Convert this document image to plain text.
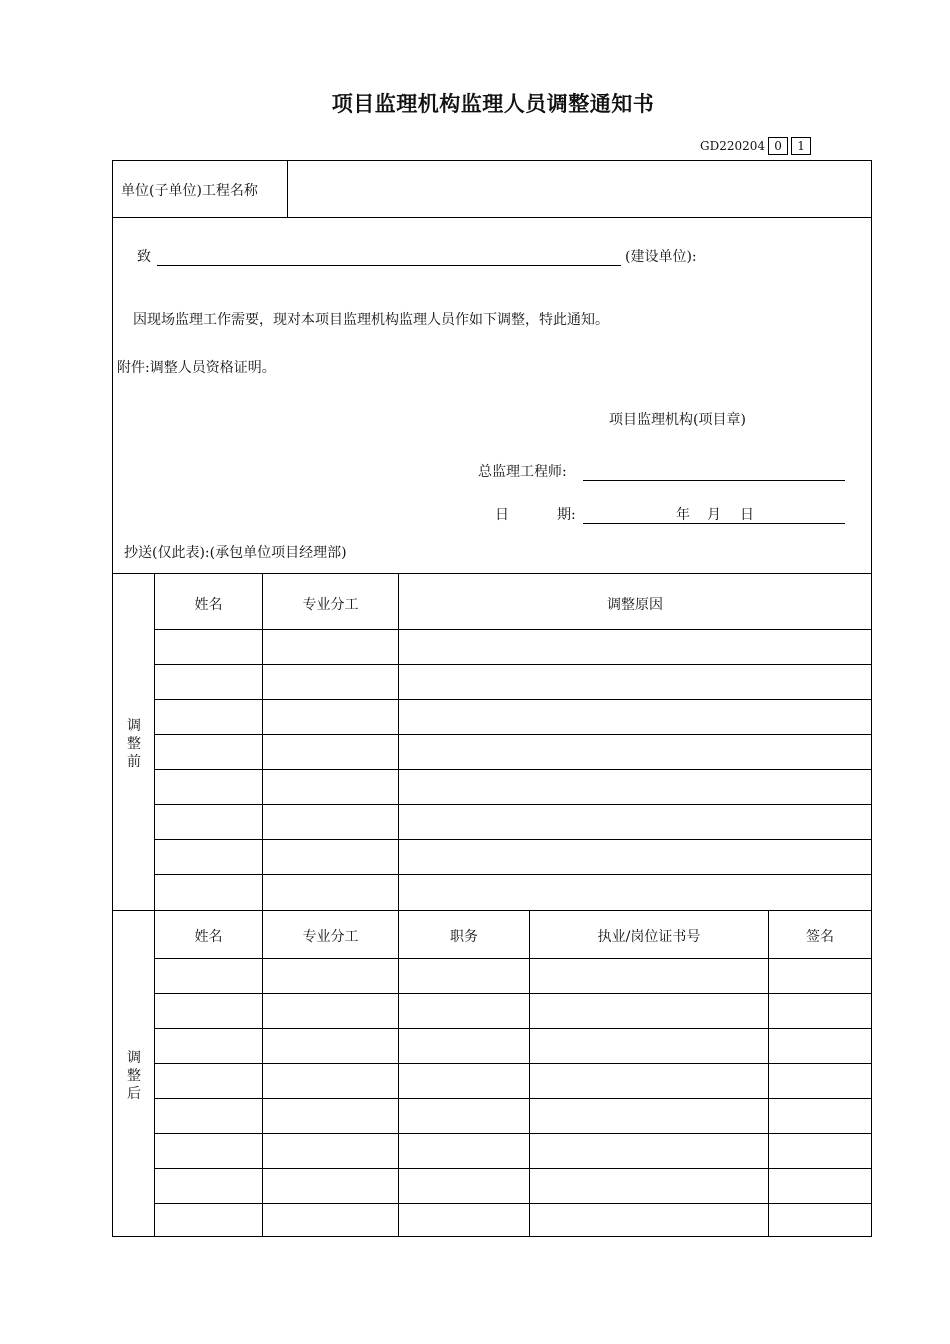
项目监理机构监理人员调整通知书
GD220204 0	1
单位(子单位)工程名称
致	(建设单位):
因现场监理工作需要，现对本项目监理机构监理人员作如下调整，特此通知。
附件:调整人员资格证明。
项目监理机构(项目章)
总监理工程师:
日	期:	年 月 日
抄送(仅此表):(承包单位项目经理部)
调
整
前
姓名	专业分工	调整原因
调
整
后
姓名	专业分工	职务	执业/岗位证书号	签名
